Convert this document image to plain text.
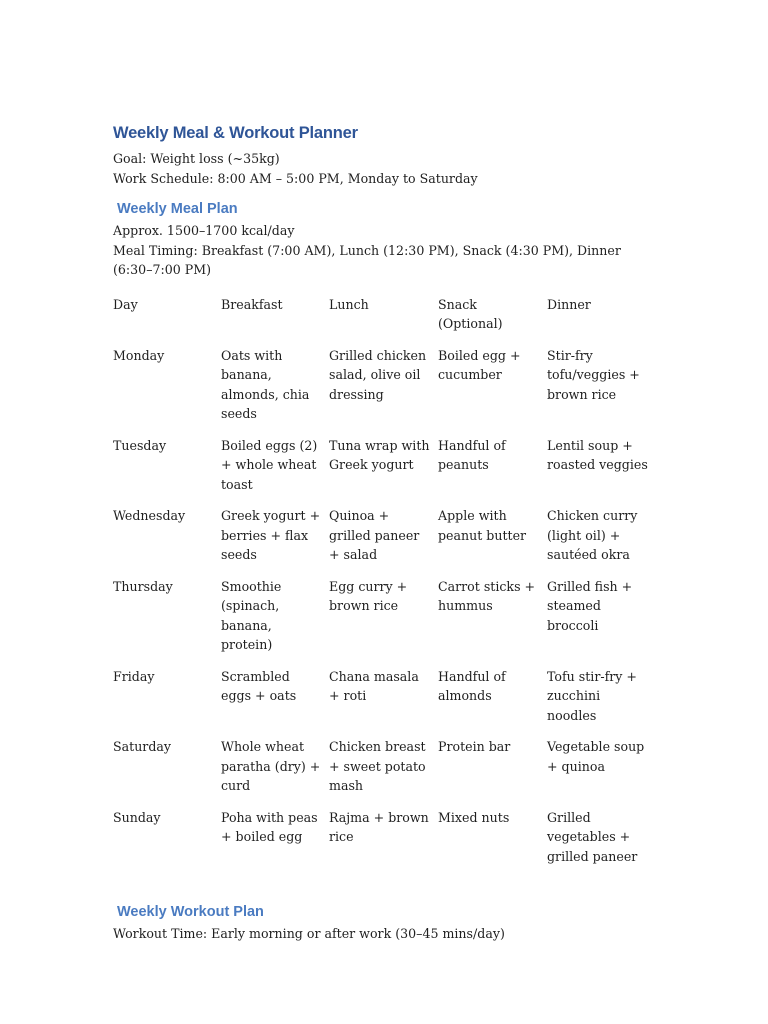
Weekly Meal & Workout Planner

Goal: Weight loss (~35kg)

Work Schedule: 8:00 AM – 5:00 PM, Monday to Saturday

Weekly Meal Plan

Approx. 1500–1700 kcal/day

Meal Timing: Breakfast (7:00 AM), Lunch (12:30 PM), Snack (4:30 PM), Dinner (6:30–7:00 PM)

Day	Breakfast	Lunch	Snack (Optional)	Dinner
Monday	Oats with banana, almonds, chia seeds	Grilled chicken salad, olive oil dressing	Boiled egg + cucumber	Stir-fry tofu/veggies + brown rice
Tuesday	Boiled eggs (2) + whole wheat toast	Tuna wrap with Greek yogurt	Handful of peanuts	Lentil soup + roasted veggies
Wednesday	Greek yogurt + berries + flax seeds	Quinoa + grilled paneer + salad	Apple with peanut butter	Chicken curry (light oil) + sautéed okra
Thursday	Smoothie (spinach, banana, protein)	Egg curry + brown rice	Carrot sticks + hummus	Grilled fish + steamed broccoli
Friday	Scrambled eggs + oats	Chana masala + roti	Handful of almonds	Tofu stir-fry + zucchini noodles
Saturday	Whole wheat paratha (dry) + curd	Chicken breast + sweet potato mash	Protein bar	Vegetable soup + quinoa
Sunday	Poha with peas + boiled egg	Rajma + brown rice	Mixed nuts	Grilled vegetables + grilled paneer
Weekly Workout Plan

Workout Time: Early morning or after work (30–45 mins/day)
